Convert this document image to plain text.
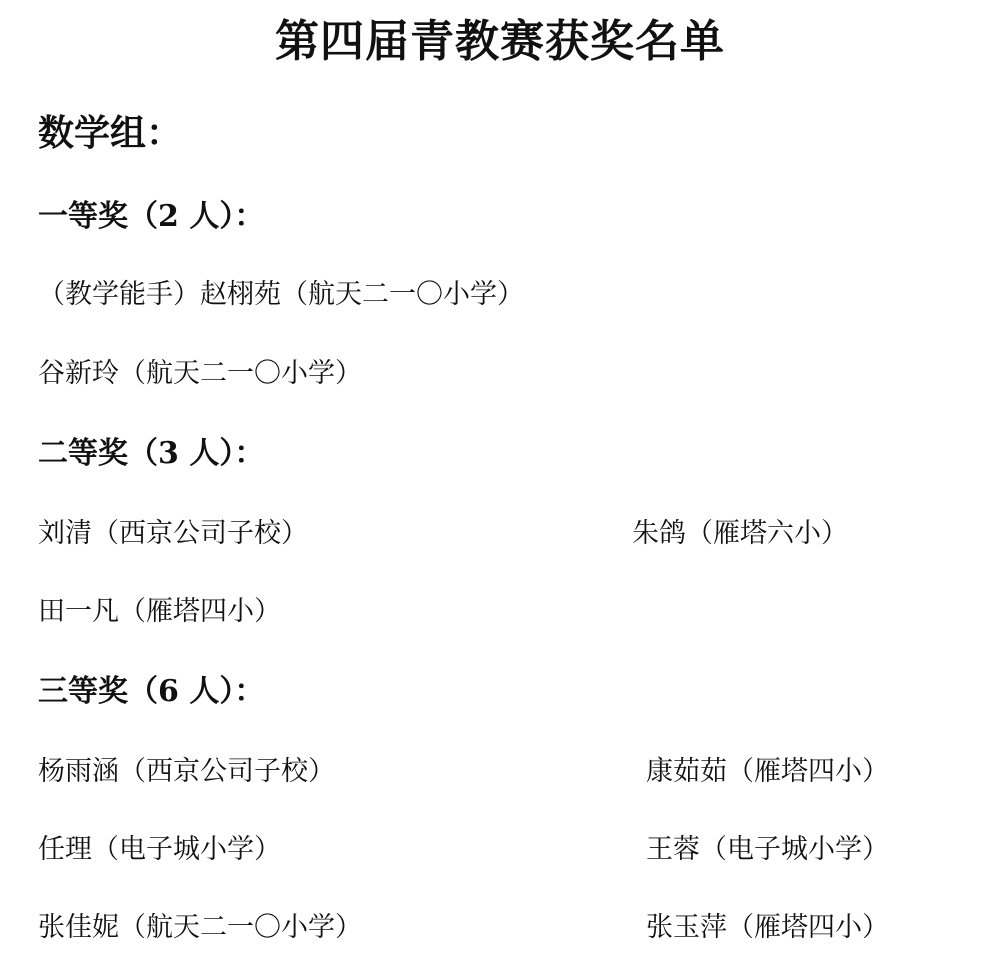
第四届青教赛获奖名单
数学组：
一等奖（2 人）：
（教学能手）赵栩苑（航天二一〇小学）
谷新玲（航天二一〇小学）
二等奖（3 人）：
刘清（西京公司子校）	朱鸽（雁塔六小）
田一凡（雁塔四小）
三等奖（6 人）：
杨雨涵（西京公司子校）	康茹茹（雁塔四小）
任理（电子城小学）	王蓉（电子城小学）
张佳妮（航天二一〇小学）	张玉萍（雁塔四小）
